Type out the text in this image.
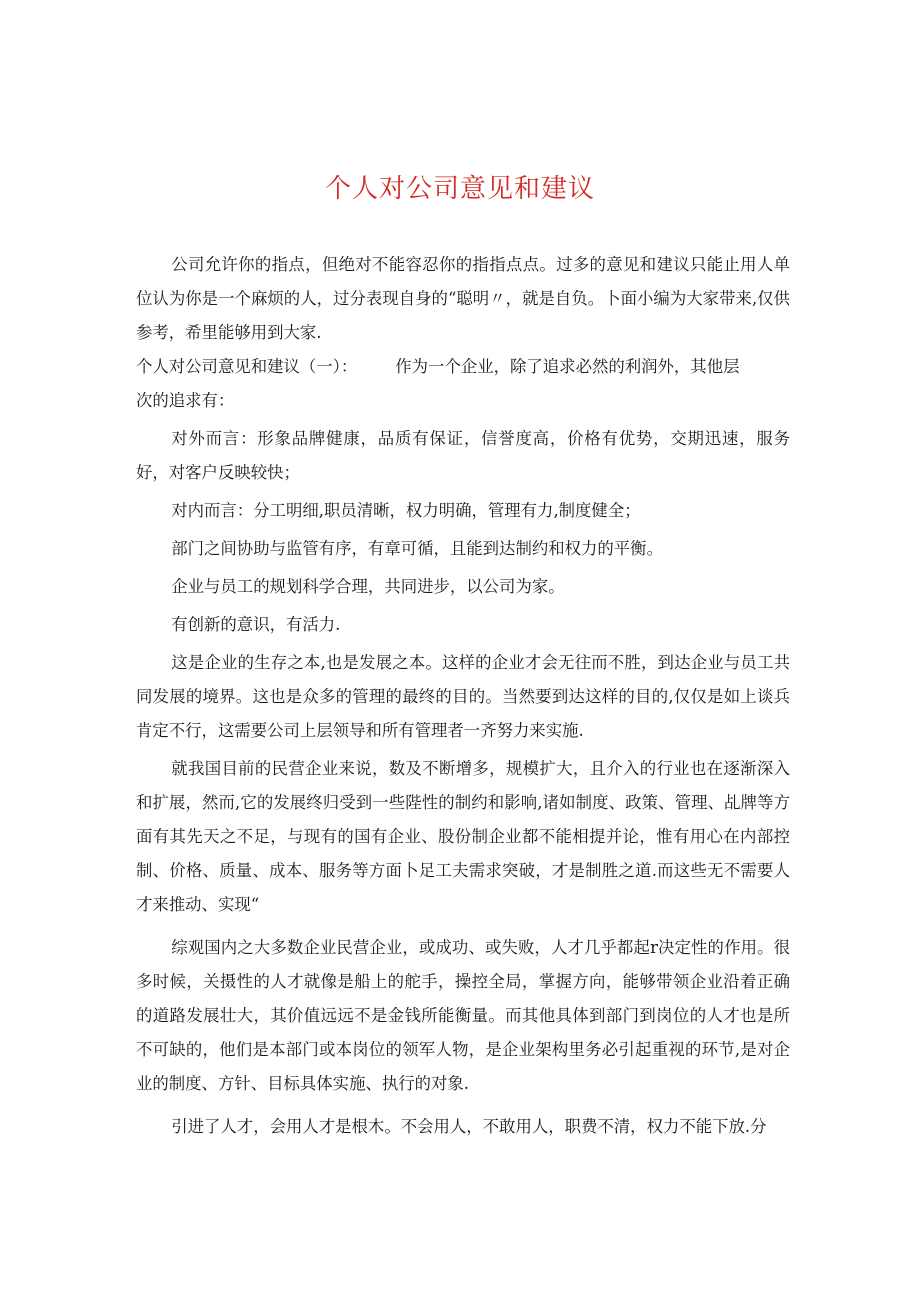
个人对公司意见和建议

公司允许你的指点，但绝对不能容忍你的指指点点。过多的意见和建议只能止用人单位认为你是一个麻烦的人，过分表现自身的“聪明〃，就是自负。卜面小编为大家带来,仅供参考，希里能够用到大家.

个人对公司意见和建议（一）： 作为一个企业，除了追求必然的利润外，其他层

次的追求有：

对外而言：形象品牌健康，品质有保证，信誉度高，价格有优势，交期迅速，服务好，对客户反映较快；

对内而言：分工明细,职员清晰，权力明确，管理有力,制度健全；

部门之间协助与监管有序，有章可循，且能到达制约和权力的平衡。

企业与员工的规划科学合理，共同进步，以公司为家。

有创新的意识，有活力.

这是企业的生存之本,也是发展之本。这样的企业才会无往而不胜，到达企业与员工共同发展的境界。这也是众多的管理的最终的目的。当然要到达这样的目的,仅仅是如上谈兵肯定不行，这需要公司上层领导和所有管理者一齐努力来实施.

就我国目前的民营企业来说，数及不断增多，规模扩大，且介入的行业也在逐渐深入和扩展，然而,它的发展终归受到一些陛性的制约和影响,诸如制度、政策、管理、乩牌等方面有其先天之不足，与现有的国有企业、股份制企业都不能相提并论，惟有用心在内部控制、价格、质量、成本、服务等方面卜足工夫需求突破，才是制胜之道.而这些无不需要人才来推动、实现“

综观国内之大多数企业民营企业，或成功、或失败，人才几乎都起r决定性的作用。很多时候，关摄性的人才就像是船上的舵手，操控全局，掌握方向，能够带领企业沿着正确的道路发展壮大，其价值远远不是金钱所能衡量。而其他具体到部门到岗位的人才也是所不可缺的，他们是本部门或本岗位的领军人物，是企业架构里务必引起重视的环节,是对企业的制度、方针、目标具体实施、执行的对象.

引进了人才，会用人才是根木。不会用人，不敢用人，职费不清，权力不能下放.分
